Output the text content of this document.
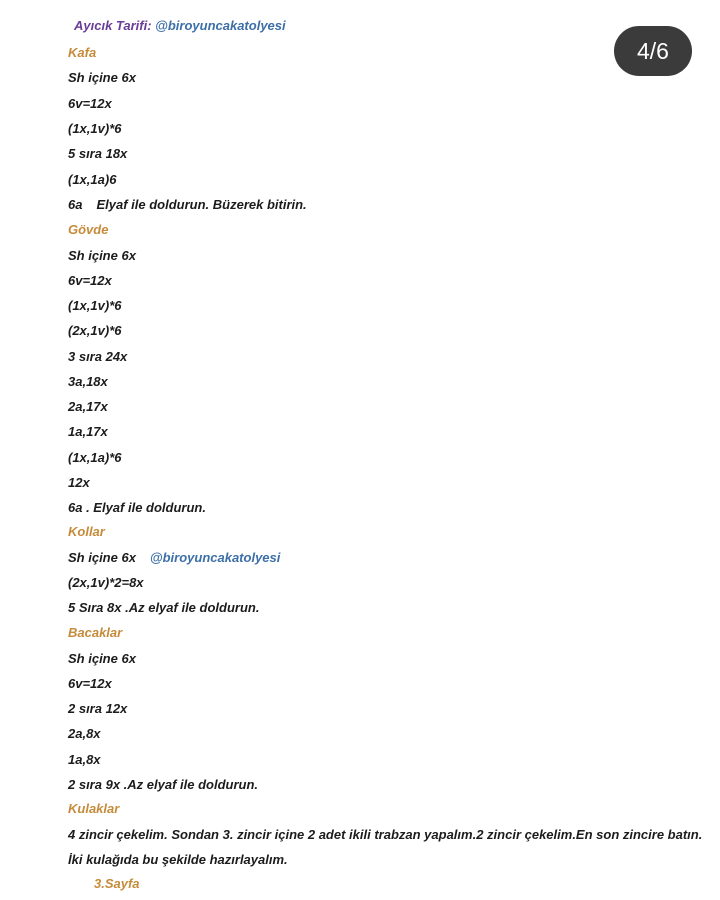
Ayıcık Tarifi: @biroyuncakatolyesi
4/6
Kafa
Sh içine 6x
6v=12x
(1x,1v)*6
5 sıra 18x
(1x,1a)6
6a Elyaf ile doldurun. Büzerek bitirin.
Gövde
Sh içine 6x
6v=12x
(1x,1v)*6
(2x,1v)*6
3 sıra 24x
3a,18x
2a,17x
1a,17x
(1x,1a)*6
12x
6a . Elyaf ile doldurun.
Kollar
Sh içine 6x @biroyuncakatolyesi
(2x,1v)*2=8x
5 Sıra 8x .Az elyaf ile doldurun.
Bacaklar
Sh içine 6x
6v=12x
2 sıra 12x
2a,8x
1a,8x
2 sıra 9x .Az elyaf ile doldurun.
Kulaklar
4 zincir çekelim. Sondan 3. zincir içine 2 adet ikili trabzan yapalım.2 zincir çekelim.En son zincire batın. İki kulağıda bu şekilde hazırlayalım.
3.Sayfa
